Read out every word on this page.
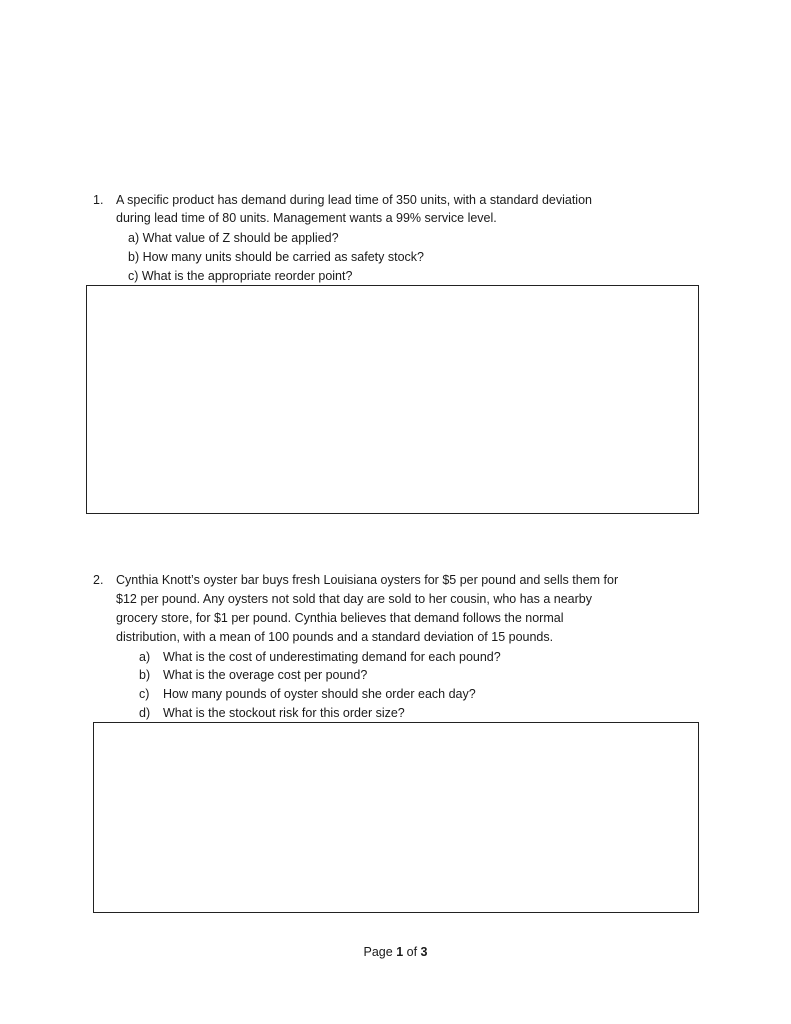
1. A specific product has demand during lead time of 350 units, with a standard deviation
during lead time of 80 units. Management wants a 99% service level.
a) What value of Z should be applied?
b) How many units should be carried as safety stock?
c) What is the appropriate reorder point?
2. Cynthia Knott’s oyster bar buys fresh Louisiana oysters for $5 per pound and sells them for
$12 per pound. Any oysters not sold that day are sold to her cousin, who has a nearby
grocery store, for $1 per pound. Cynthia believes that demand follows the normal
distribution, with a mean of 100 pounds and a standard deviation of 15 pounds.
a) What is the cost of underestimating demand for each pound?
b) What is the overage cost per pound?
c) How many pounds of oyster should she order each day?
d) What is the stockout risk for this order size?
Page 1 of 3
